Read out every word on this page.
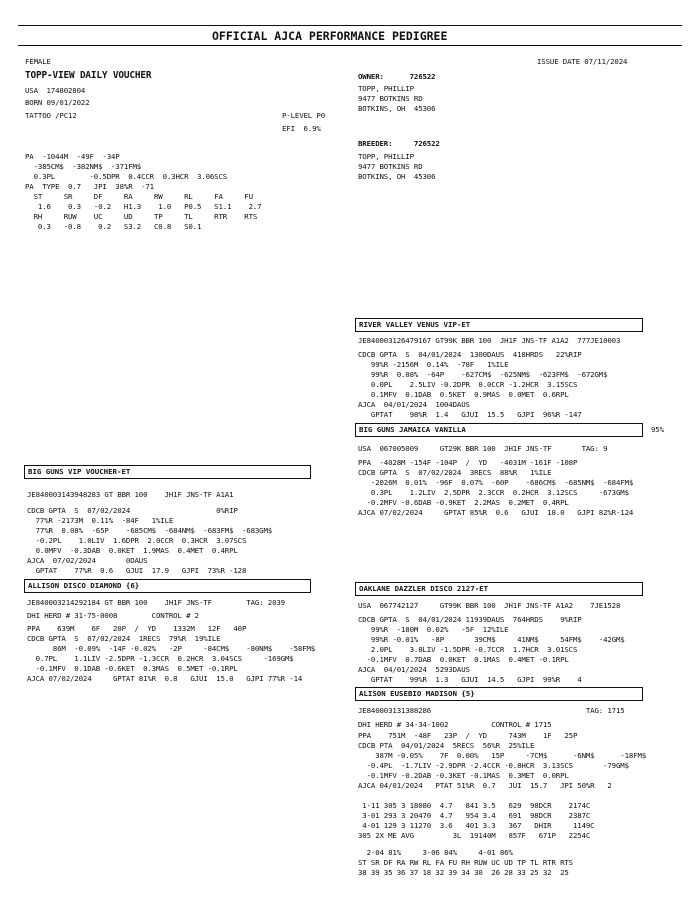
OFFICIAL AJCA PERFORMANCE PEDIGREE
FEMALE	ISSUE DATE 07/11/2024
TOPP-VIEW DAILY VOUCHER
USA  174802804
BORN 09/01/2022
TATTOO /PC12	P-LEVEL P0
EFI  6.9%
PA  -1044M  -49F  -34P
-385CM$  -382NM$  -371FM$
0.3PL        -0.5DPR  0.4CCR  0.3HCR  3.06SCS
PA  TYPE  0.7   JPI  38%R  -71
ST     SR     DF     RA     RW     RL     FA     FU
1.6    0.3   -0.2   H1.3    1.0   P0.5   S1.1    2.7
RH     RUW    UC     UD     TP     TL     RTR    RTS
0.3   -0.8    0.2   S3.2   C0.8   S0.1
OWNER:      726522
TOPP, PHILLIP
9477 BOTKINS RD
BOTKINS, OH  45306
BREEDER:     726522
TOPP, PHILLIP
9477 BOTKINS RD
BOTKINS, OH  45306
RIVER VALLEY VENUS VIP-ET
JE840003126479167 GT99K BBR 100  JH1F JNS-TF A1A2  777JE10003
CDCB GPTA  S  04/01/2024  1300DAUS  418HRDS   22%RIP
99%R -2156M  0.14%  -78F   1%ILE
99%R  0.08%  -64P    -627CM$  -625NM$  -623FM$  -672GM$
0.0PL    2.5LIV -0.2DPR  0.0CCR -1.2HCR  3.15SCS
0.1MFV  0.1DAB  0.5KET  0.9MAS  0.0MET  0.6RPL
AJCA  04/01/2024  1004DAUS
GPTAT    98%R  1.4   GJUI  15.5   GJPI  96%R -147
BIG GUNS JAMAICA VANILLA	95%
USA  067005009     GT29K BBR 100  JH1F JNS-TF       TAG: 9
PPA  -4028M -154F -104P  /  YD   -4031M -161F -108P
CDCB GPTA  S  07/02/2024  3RECS  88%R   1%ILE
-2026M  0.01%  -96F  0.07%  -60P    -686CM$  -685NM$  -684FM$
0.3PL    1.2LIV  2.5DPR  2.3CCR  0.2HCR  3.12SCS     -673GM$
-0.2MFV -0.6DAB -0.9KET  2.2MAS  0.2MET  0.4RPL
AJCA 07/02/2024     GPTAT 85%R  0.6   GJUI  18.0   GJPI 82%R-124
BIG GUNS VIP VOUCHER-ET
JE840003143948283 GT BBR 100    JH1F JNS-TF A1A1
CDCB GPTA  S  07/02/2024                    0%RIP
77%R -2173M  0.11%  -84F   1%ILE
77%R  0.08%  -65P    -685CM$  -684NM$  -683FM$  -683GM$
-0.2PL    1.0LIV  1.6DPR  2.0CCR  0.3HCR  3.07SCS
0.0MFV  -0.3DAB  0.0KET  1.9MAS  0.4MET  0.4RPL
AJCA  07/02/2024       0DAUS
GPTAT    77%R  0.6   GJUI  17.9   GJPI  73%R -128
ALLISON DISCO DIAMOND {6}
JE840003214292184 GT BBR 100    JH1F JNS-TF        TAG: 2039
DHI HERD # 31-75-0008        CONTROL # 2
PPA    639M    6F   20P  /  YD    1332M   12F   40P
CDCB GPTA  S  07/02/2024  1RECS  79%R  19%ILE
86M  -0.09%  -14F -0.02%   -2P     -84CM$    -80NM$    -58FM$
0.7PL    1.1LIV -2.5DPR -1.3CCR  0.2HCR  3.04SCS     -169GM$
-0.1MFV  0.1DAB -0.6KET  0.3MAS  0.5MET -0.1RPL
AJCA 07/02/2024     GPTAT 81%R  0.8   GJUI  15.0   GJPI 77%R -14
OAKLANE DAZZLER DISCO 2127-ET
USA  067742127     GT99K BBR 100  JH1F JNS-TF A1A2    7JE1528
CDCB GPTA  S  04/01/2024 11939DAUS  764HRDS    9%RIP
99%R  -180M  0.02%   -5F  12%ILE
99%R -0.01%   -8P       39CM$     41NM$     54FM$    -42GM$
2.0PL    3.8LIV -1.5DPR -0.7CCR  1.7HCR  3.01SCS
-0.1MFV  0.7DAB  0.0KET  0.1MAS  0.4MET -0.1RPL
AJCA  04/01/2024  5293DAUS
GPTAT    99%R  1.3   GJUI  14.5   GJPI  99%R    4
ALISON EUSEBIO MADISON {5}
JE840003131388286                                    TAG: 1715
DHI HERD # 34-34-1002          CONTROL # 1715
PPA    751M  -48F   23P  /  YD     743M    1F   25P
CDCB PTA  04/01/2024  5RECS  56%R  25%ILE
387M -0.05%    7F  0.00%   15P     -7CM$      -6NM$      -18FM$
-0.4PL  -1.7LIV -2.9DPR -2.4CCR -0.8HCR  3.13SCS       -79GM$
-0.1MFV -0.2DAB -0.3KET -0.1MAS  0.3MET  0.0RPL
AJCA 04/01/2024   PTAT 51%R  0.7   JUI  15.7   JPI 50%R   2
1-11 305 3 18080  4.7   841 3.5   629  98DCR    2174C
3-01 293 3 20470  4.7   954 3.4   691  98DCR    2387C
4-01 129 3 11270  3.6   401 3.3   367   DHIR     1149C
305 2X ME AVG         3L  19140M   857F   671P   2254C
2-04 81%     3-06 84%     4-01 86%
ST SR DF RA RW RL FA FU RH RUW UC UD TP TL RTR RTS
38 39 35 36 37 18 32 39 34 30  26 28 33 25 32  25
